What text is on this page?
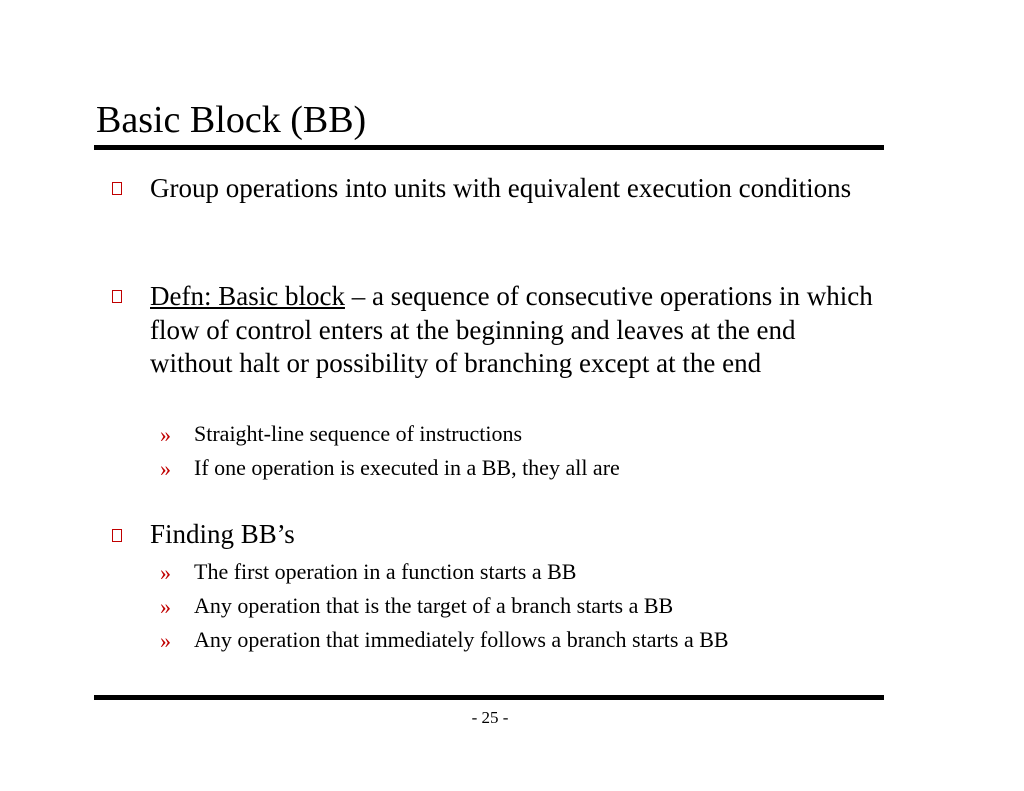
Basic Block (BB)
Group operations into units with equivalent execution conditions
Defn: Basic block – a sequence of consecutive operations in which flow of control enters at the beginning and leaves at the end without halt or possibility of branching except at the end
» Straight-line sequence of instructions
» If one operation is executed in a BB, they all are
Finding BB’s
» The first operation in a function starts a BB
» Any operation that is the target of a branch starts a BB
» Any operation that immediately follows a branch starts a BB
- 25 -
